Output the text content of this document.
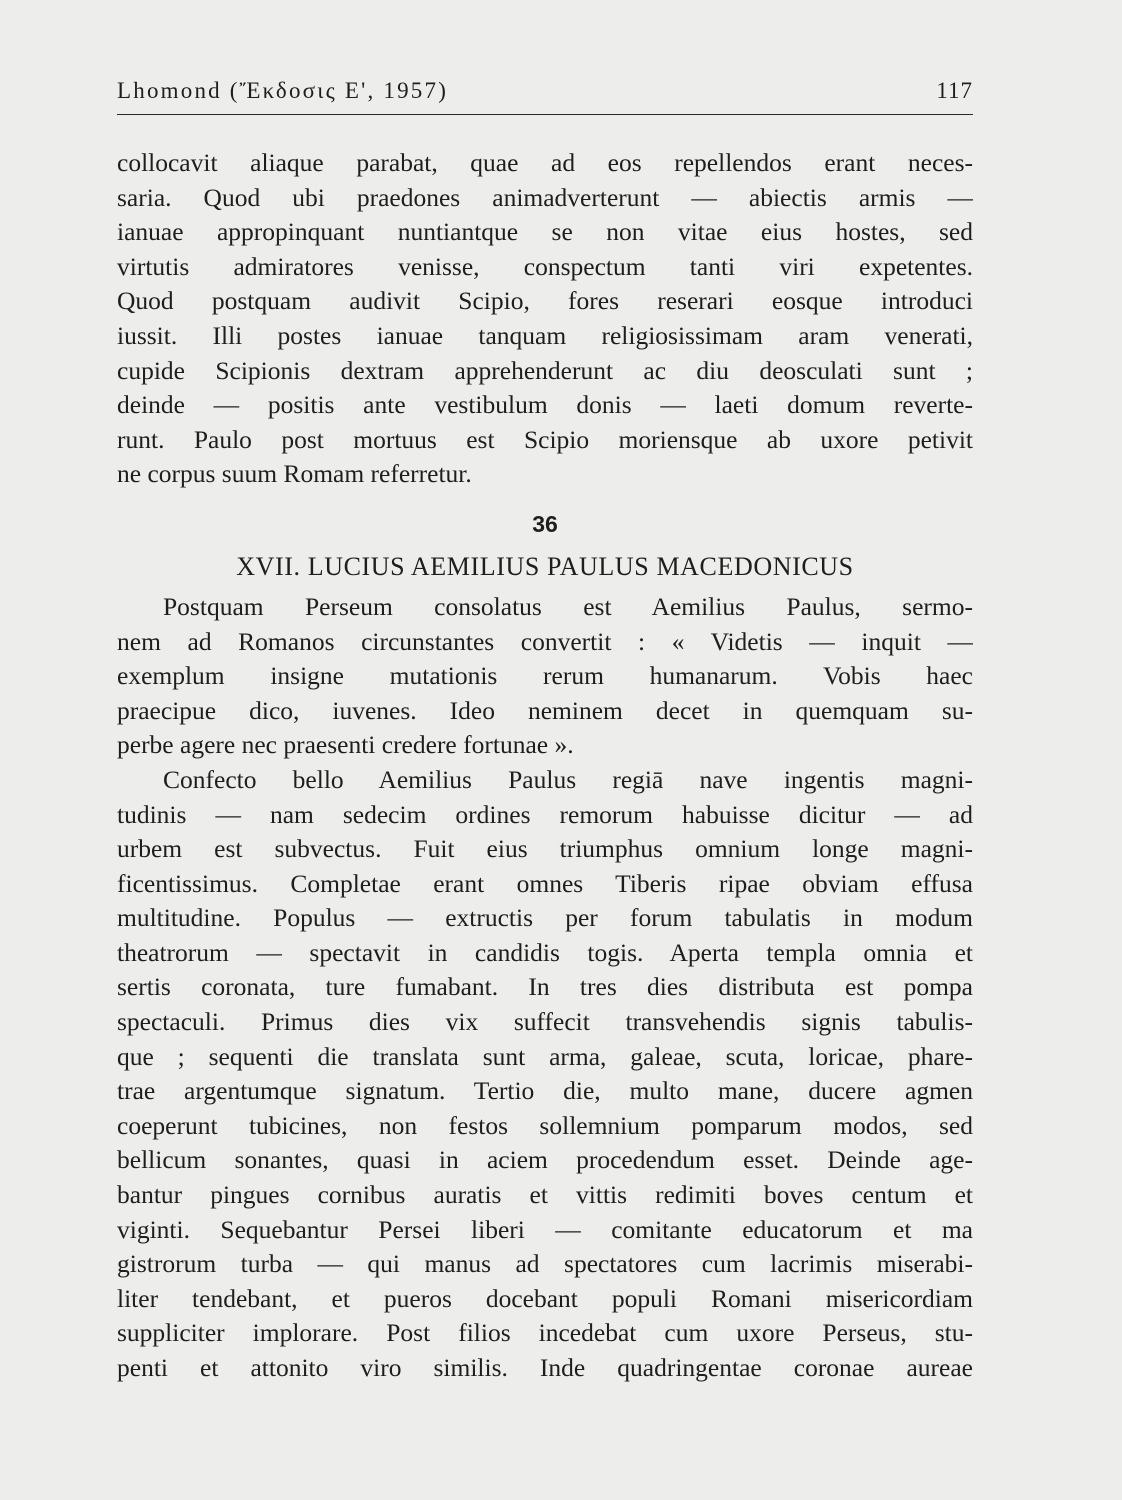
Lhomond (Ἔκδοσις Ε', 1957)	117
collocavit aliaque parabat, quae ad eos repellendos erant neces-
saria. Quod ubi praedones animadverterunt — abiectis armis —
ianuae appropinquant nuntiantque se non vitae eius hostes, sed
virtutis admiratores venisse, conspectum tanti viri expetentes.
Quod postquam audivit Scipio, fores reserari eosque introduci
iussit. Illi postes ianuae tanquam religiosissimam aram venerati,
cupide Scipionis dextram apprehenderunt ac diu deosculati sunt ;
deinde — positis ante vestibulum donis — laeti domum reverte-
runt. Paulo post mortuus est Scipio moriensque ab uxore petivit
ne corpus suum Romam referretur.
36
XVII. LUCIUS AEMILIUS PAULUS MACEDONICUS
Postquam Perseum consolatus est Aemilius Paulus, sermo-
nem ad Romanos circunstantes convertit : « Videtis — inquit —
exemplum insigne mutationis rerum humanarum. Vobis haec
praecipue dico, iuvenes. Ideo neminem decet in quemquam su-
perbe agere nec praesenti credere fortunae ».
Confecto bello Aemilius Paulus regiā nave ingentis magni-
tudinis — nam sedecim ordines remorum habuisse dicitur — ad
urbem est subvectus. Fuit eius triumphus omnium longe magni-
ficentissimus. Completae erant omnes Tiberis ripae obviam effusa
multitudine. Populus — extructis per forum tabulatis in modum
theatrorum — spectavit in candidis togis. Aperta templa omnia et
sertis coronata, ture fumabant. In tres dies distributa est pompa
spectaculi. Primus dies vix suffecit transvehendis signis tabulis-
que ; sequenti die translata sunt arma, galeae, scuta, loricae, phare-
trae argentumque signatum. Tertio die, multo mane, ducere agmen
coeperunt tubicines, non festos sollemnium pomparum modos, sed
bellicum sonantes, quasi in aciem procedendum esset. Deinde age-
bantur pingues cornibus auratis et vittis redimiti boves centum et
viginti. Sequebantur Persei liberi — comitante educatorum et ma
gistrorum turba — qui manus ad spectatores cum lacrimis miserabi-
liter tendebant, et pueros docebant populi Romani misericordiam
suppliciter implorare. Post filios incedebat cum uxore Perseus, stu-
penti et attonito viro similis. Inde quadringentae coronae aureae
